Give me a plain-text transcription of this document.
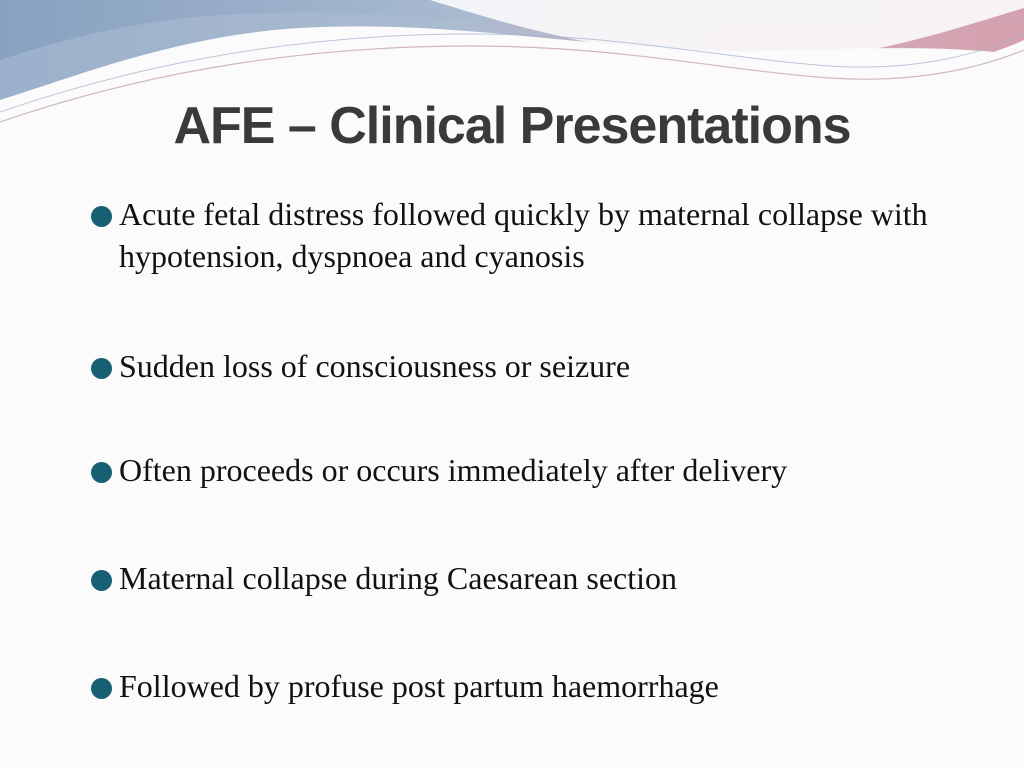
AFE – Clinical Presentations
Acute fetal distress followed quickly by maternal collapse with hypotension, dyspnoea and cyanosis
Sudden loss of consciousness or seizure
Often proceeds or occurs immediately after delivery
Maternal collapse during Caesarean section
Followed by profuse post partum haemorrhage
